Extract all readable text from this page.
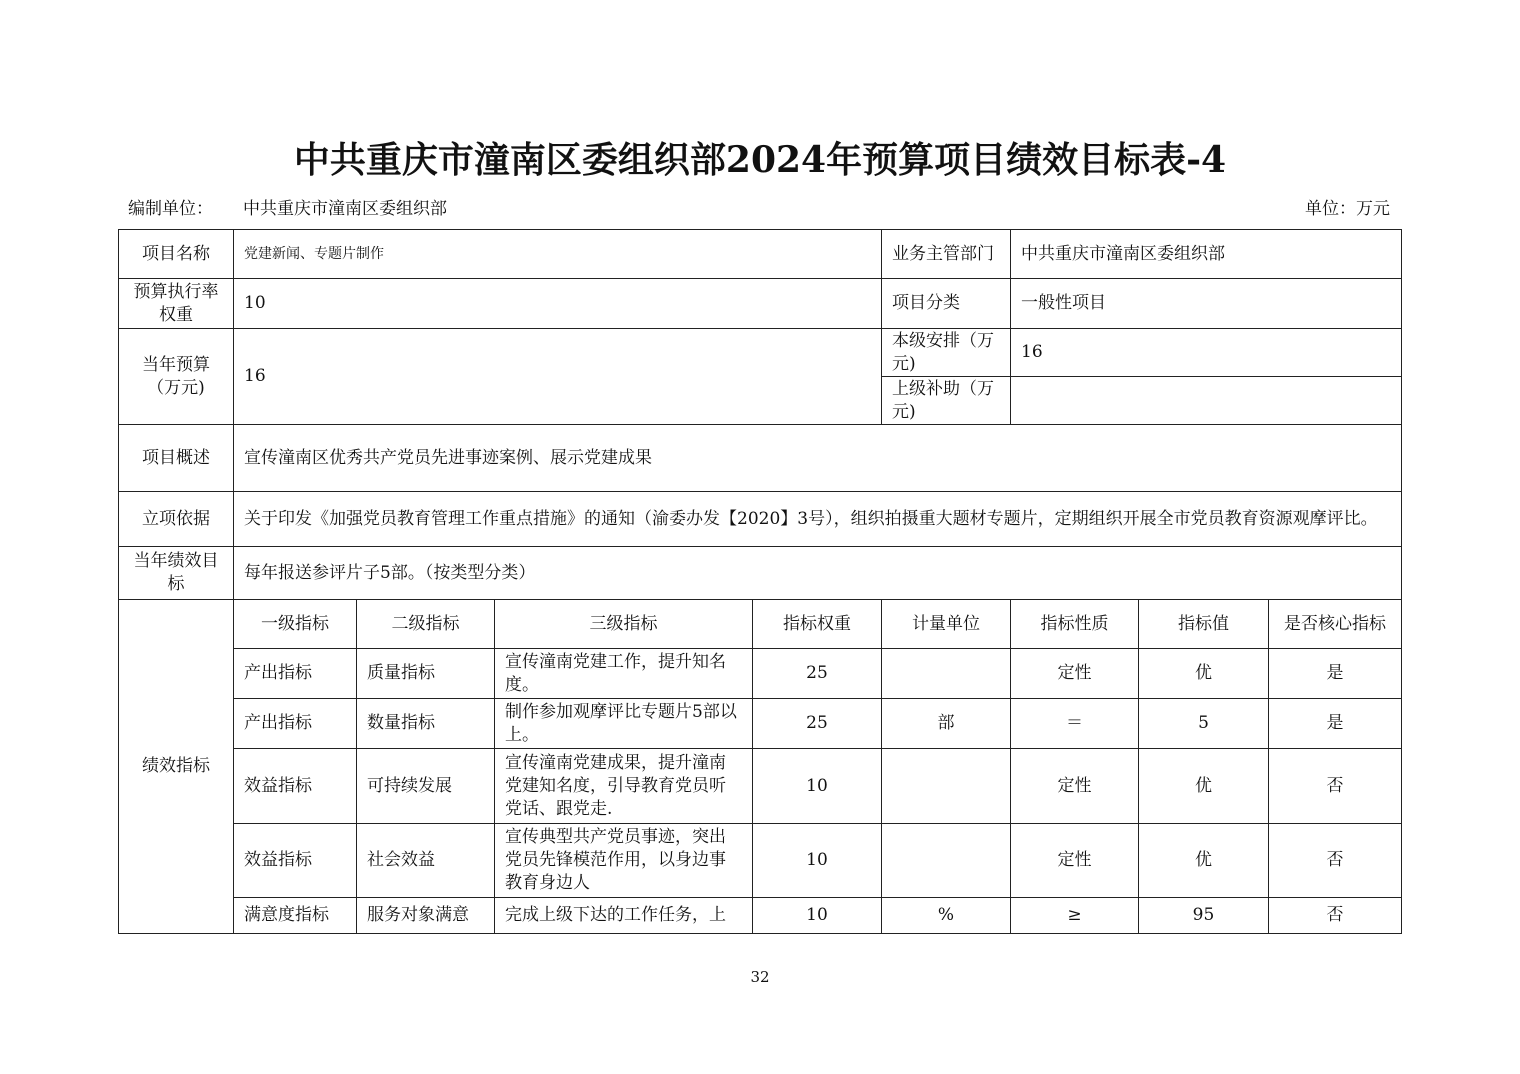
中共重庆市潼南区委组织部2024年预算项目绩效目标表-4
编制单位： 中共重庆市潼南区委组织部	单位：万元
项目名称	党建新闻、专题片制作				业务主管部门	中共重庆市潼南区委组织部		
预算执行率权重	10				项目分类	一般性项目		
当年预算（万元)	16				本级安排（万元)	16		
					上级补助（万元)			
项目概述	宣传潼南区优秀共产党员先进事迹案例、展示党建成果							
立项依据	关于印发《加强党员教育管理工作重点措施》的通知（渝委办发【2020】3号），组织拍摄重大题材专题片，定期组织开展全市党员教育资源观摩评比。							
当年绩效目标	每年报送参评片子5部。（按类型分类）							
绩效指标	一级指标	二级指标	三级指标	指标权重	计量单位	指标性质	指标值	是否核心指标
	产出指标	质量指标	宣传潼南党建工作，提升知名度。	25		定性	优	是
	产出指标	数量指标	制作参加观摩评比专题片5部以上。	25	部	＝	5	是
	效益指标	可持续发展	宣传潼南党建成果，提升潼南党建知名度，引导教育党员听党话、跟党走.	10		定性	优	否
	效益指标	社会效益	宣传典型共产党员事迹，突出党员先锋模范作用，以身边事教育身边人	10		定性	优	否
	满意度指标	服务对象满意	完成上级下达的工作任务，上	10	%	≥	95	否
32
